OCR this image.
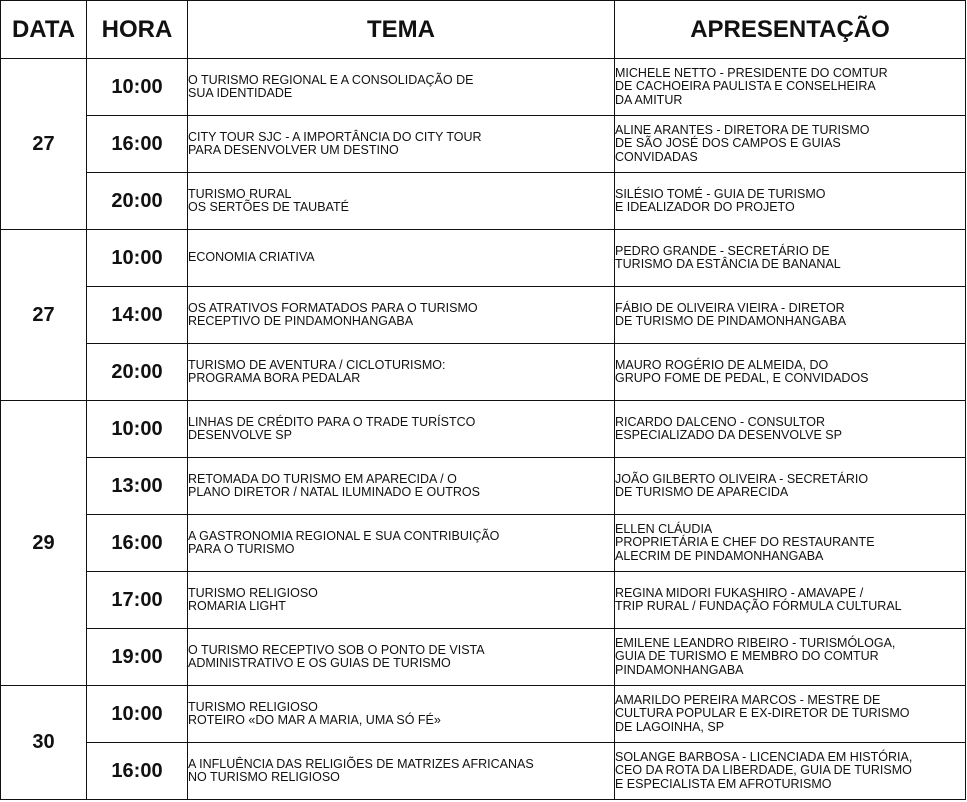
DATA	HORA	TEMA	APRESENTAÇÃO
27	10:00	O TURISMO REGIONAL E A CONSOLIDAÇÃO DE
SUA IDENTIDADE	MICHELE NETTO - PRESIDENTE DO COMTUR
DE CACHOEIRA PAULISTA E CONSELHEIRA
DA AMITUR

	16:00	CITY TOUR SJC - A IMPORTÂNCIA DO CITY TOUR
PARA DESENVOLVER UM DESTINO	ALINE ARANTES - DIRETORA DE TURISMO
DE SÃO JOSÉ DOS CAMPOS E GUIAS
CONVIDADAS

	20:00	TURISMO RURAL
OS SERTÕES DE TAUBATÉ	SILÉSIO TOMÉ - GUIA DE TURISMO
E IDEALIZADOR DO PROJETO

27	10:00	ECONOMIA CRIATIVA	PEDRO GRANDE - SECRETÁRIO DE
TURISMO DA ESTÂNCIA DE BANANAL

	14:00	OS ATRATIVOS FORMATADOS PARA O TURISMO
RECEPTIVO DE PINDAMONHANGABA	FÁBIO DE OLIVEIRA VIEIRA - DIRETOR
DE TURISMO DE PINDAMONHANGABA

	20:00	TURISMO DE AVENTURA / CICLOTURISMO:
PROGRAMA BORA PEDALAR	MAURO ROGÉRIO DE ALMEIDA, DO
GRUPO FOME DE PEDAL, E CONVIDADOS

29	10:00	LINHAS DE CRÉDITO PARA O TRADE TURÍSTCO
DESENVOLVE SP	RICARDO DALCENO - CONSULTOR
ESPECIALIZADO DA DESENVOLVE SP

	13:00	RETOMADA DO TURISMO EM APARECIDA / O
PLANO DIRETOR / NATAL ILUMINADO E OUTROS	JOÃO GILBERTO OLIVEIRA - SECRETÁRIO
DE TURISMO DE APARECIDA

	16:00	A GASTRONOMIA REGIONAL E SUA CONTRIBUIÇÃO
PARA O TURISMO	ELLEN CLÁUDIA
PROPRIETÁRIA E CHEF DO RESTAURANTE
ALECRIM DE PINDAMONHANGABA

	17:00	TURISMO RELIGIOSO
ROMARIA LIGHT	REGINA MIDORI FUKASHIRO - AMAVAPE /
TRIP RURAL / FUNDAÇÃO FÓRMULA CULTURAL

	19:00	O TURISMO RECEPTIVO SOB O PONTO DE VISTA
ADMINISTRATIVO E OS GUIAS DE TURISMO	EMILENE LEANDRO RIBEIRO - TURISMÓLOGA,
GUIA DE TURISMO E MEMBRO DO COMTUR
PINDAMONHANGABA

30	10:00	TURISMO RELIGIOSO
ROTEIRO «DO MAR A MARIA, UMA SÓ FÉ»	AMARILDO PEREIRA MARCOS - MESTRE DE
CULTURA POPULAR E EX-DIRETOR DE TURISMO
DE LAGOINHA, SP

	16:00	A INFLUÊNCIA DAS RELIGIÕES DE MATRIZES AFRICANAS
NO TURISMO RELIGIOSO	SOLANGE BARBOSA - LICENCIADA EM HISTÓRIA,
CEO DA ROTA DA LIBERDADE, GUIA DE TURISMO
E ESPECIALISTA EM AFROTURISMO
